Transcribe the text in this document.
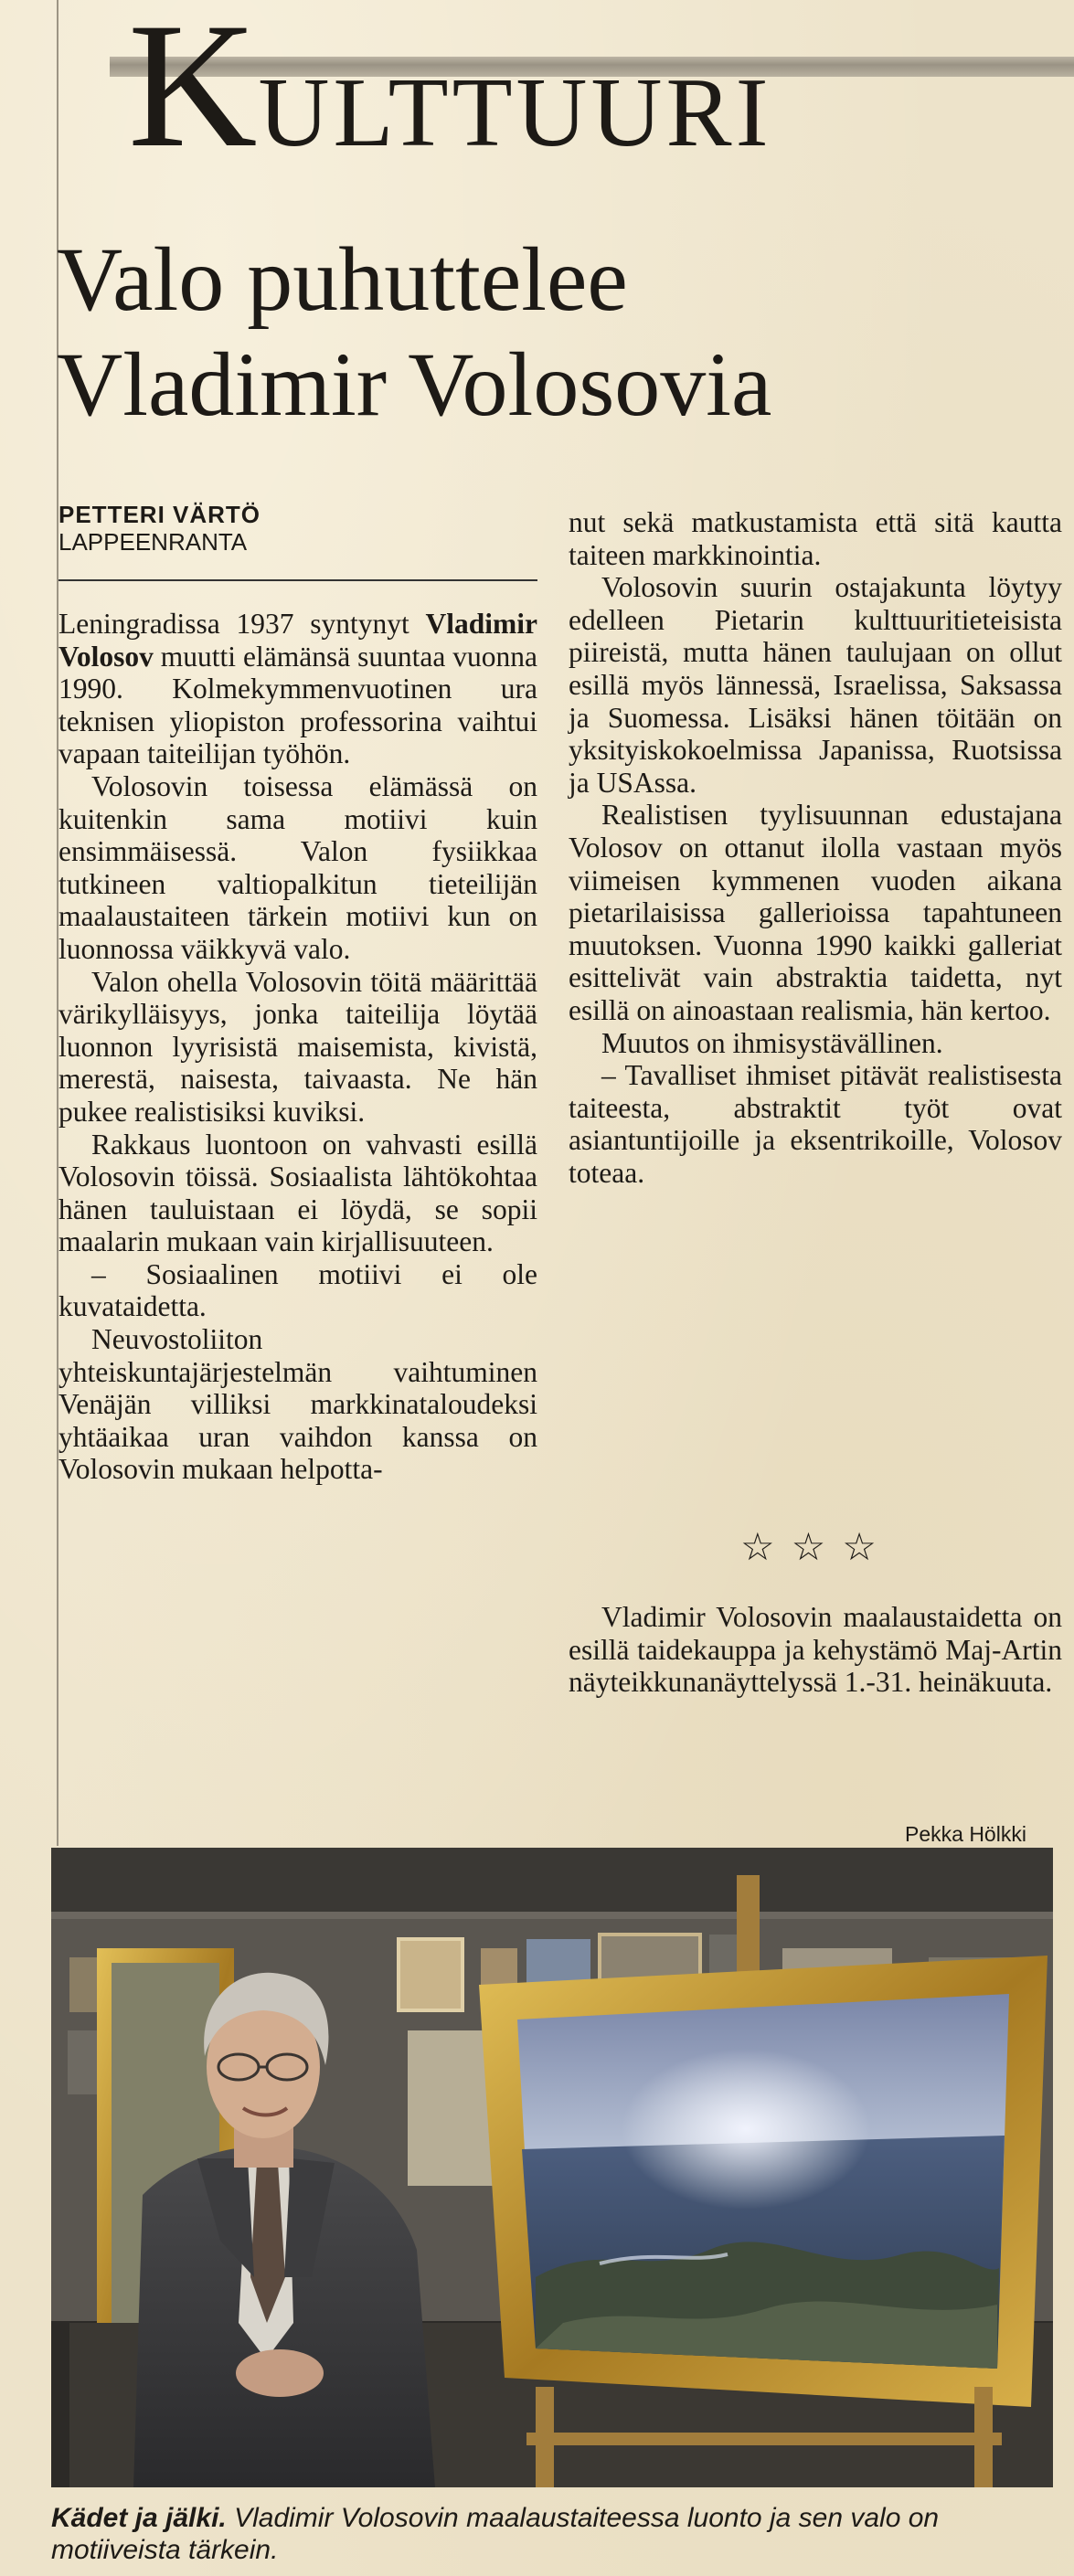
KULTTUURI
Valo puhuttelee
Vladimir Volosovia
PETTERI VÄRTÖ
LAPPEENRANTA

Leningradissa 1937 syntynyt Vladimir Volosov muutti elämänsä suuntaa vuonna 1990. Kolmekymmenvuotinen ura teknisen yliopiston professorina vaihtui vapaan taiteilijan työhön.

Volosovin toisessa elämässä on kuitenkin sama motiivi kuin ensimmäisessä. Valon fysiikkaa tutkineen valtiopalkitun tieteilijän maalaustaiteen tärkein motiivi kun on luonnossa väikkyvä valo.

Valon ohella Volosovin töitä määrittää värikylläisyys, jonka taiteilija löytää luonnon lyyrisistä maisemista, kivistä, merestä, naisesta, taivaasta. Ne hän pukee realistisiksi kuviksi.

Rakkaus luontoon on vahvasti esillä Volosovin töissä. Sosiaalista lähtökohtaa hänen tauluistaan ei löydä, se sopii maalarin mukaan vain kirjallisuuteen.

– Sosiaalinen motiivi ei ole kuvataidetta.

Neuvostoliiton yhteiskuntajärjestelmän vaihtuminen Venäjän villiksi markkinataloudeksi yhtäaikaa uran vaihdon kanssa on Volosovin mukaan helpotta-

nut sekä matkustamista että sitä kautta taiteen markkinointia.

Volosovin suurin ostajakunta löytyy edelleen Pietarin kulttuuritieteisista piireistä, mutta hänen taulujaan on ollut esillä myös lännessä, Israelissa, Saksassa ja Suomessa. Lisäksi hänen töitään on yksityiskokoelmissa Japanissa, Ruotsissa ja USAssa.

Realistisen tyylisuunnan edustajana Volosov on ottanut ilolla vastaan myös viimeisen kymmenen vuoden aikana pietarilaisissa gallerioissa tapahtuneen muutoksen. Vuonna 1990 kaikki galleriat esittelivät vain abstraktia taidetta, nyt esillä on ainoastaan realismia, hän kertoo.

Muutos on ihmisystävällinen.

– Tavalliset ihmiset pitävät realistisesta taiteesta, abstraktit työt ovat asiantuntijoille ja eksentrikoille, Volosov toteaa.

☆☆☆

Vladimir Volosovin maalaustaidetta on esillä taidekauppa ja kehystämö Maj-Artin näyteikkunanäyttelyssä 1.-31. heinäkuuta.

Pekka Hölkki
Kädet ja jälki. Vladimir Volosovin maalaustaiteessa luonto ja sen valo on motiiveista tärkein.
